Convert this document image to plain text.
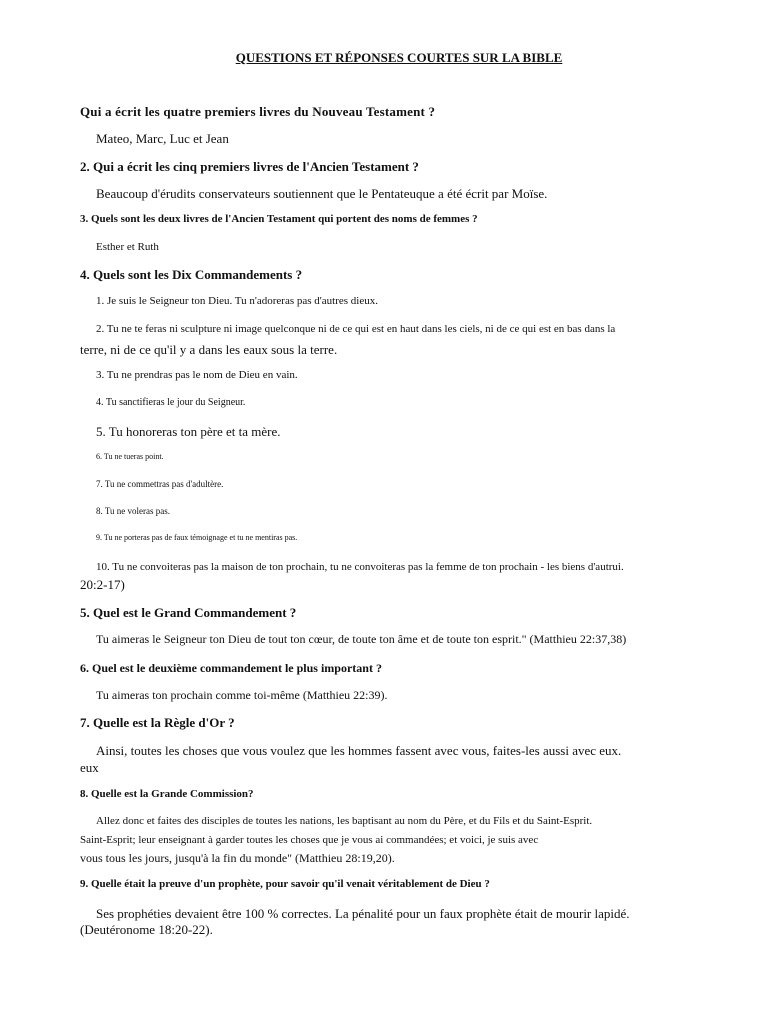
QUESTIONS ET RÉPONSES COURTES SUR LA BIBLE
Qui a écrit les quatre premiers livres du Nouveau Testament ?
Mateo, Marc, Luc et Jean
2. Qui a écrit les cinq premiers livres de l'Ancien Testament ?
Beaucoup d'érudits conservateurs soutiennent que le Pentateuque a été écrit par Moïse.
3. Quels sont les deux livres de l'Ancien Testament qui portent des noms de femmes ?
Esther et Ruth
4. Quels sont les Dix Commandements ?
1. Je suis le Seigneur ton Dieu. Tu n'adoreras pas d'autres dieux.
2. Tu ne te feras ni sculpture ni image quelconque ni de ce qui est en haut dans les ciels, ni de ce qui est en bas dans la
terre, ni de ce qu'il y a dans les eaux sous la terre.
3. Tu ne prendras pas le nom de Dieu en vain.
4. Tu sanctifieras le jour du Seigneur.
5. Tu honoreras ton père et ta mère.
6. Tu ne tueras point.
7. Tu ne commettras pas d'adultère.
8. Tu ne voleras pas.
9. Tu ne porteras pas de faux témoignage et tu ne mentiras pas.
10. Tu ne convoiteras pas la maison de ton prochain, tu ne convoiteras pas la femme de ton prochain - les biens d'autrui.
20:2-17)
5. Quel est le Grand Commandement ?
Tu aimeras le Seigneur ton Dieu de tout ton cœur, de toute ton âme et de toute ton esprit." (Matthieu 22:37,38)
6. Quel est le deuxième commandement le plus important ?
Tu aimeras ton prochain comme toi-même (Matthieu 22:39).
7. Quelle est la Règle d'Or ?
Ainsi, toutes les choses que vous voulez que les hommes fassent avec vous, faites-les aussi avec eux.
eux
8. Quelle est la Grande Commission?
Allez donc et faites des disciples de toutes les nations, les baptisant au nom du Père, et du Fils et du Saint-Esprit.
Saint-Esprit; leur enseignant à garder toutes les choses que je vous ai commandées; et voici, je suis avec
vous tous les jours, jusqu'à la fin du monde" (Matthieu 28:19,20).
9. Quelle était la preuve d'un prophète, pour savoir qu'il venait véritablement de Dieu ?
Ses prophéties devaient être 100 % correctes. La pénalité pour un faux prophète était de mourir lapidé.
(Deutéronome 18:20-22).
